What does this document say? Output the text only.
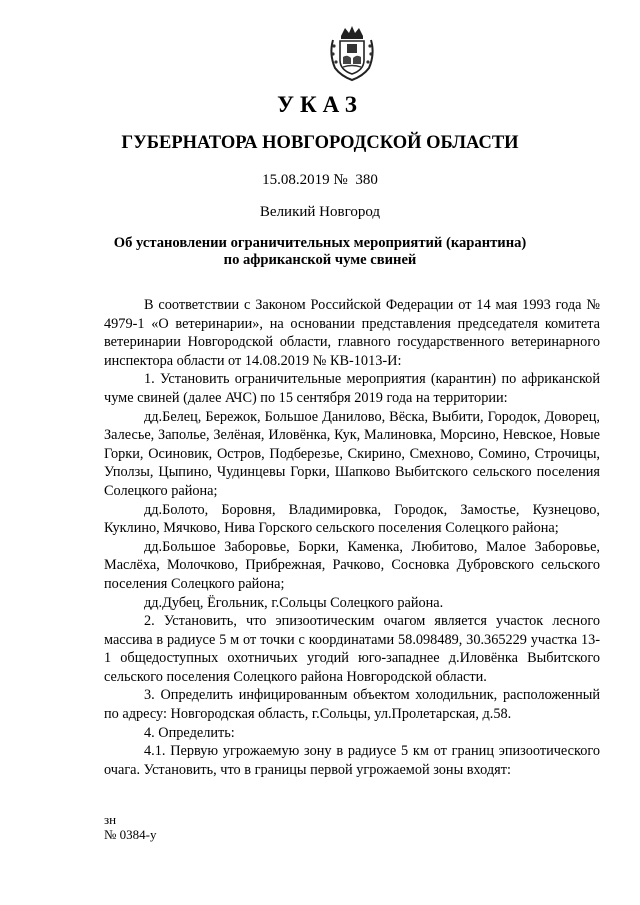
УКАЗ
ГУБЕРНАТОРА НОВГОРОДСКОЙ ОБЛАСТИ
15.08.2019 № 380
Великий Новгород
Об установлении ограничительных мероприятий (карантина)
по африканской чуме свиней

В соответствии с Законом Российской Федерации от 14 мая 1993 года № 4979-1 «О ветеринарии», на основании представления председателя комитета ветеринарии Новгородской области, главного государственного ветеринарного инспектора области от 14.08.2019 № КВ-1013-И:

1. Установить ограничительные мероприятия (карантин) по африканской чуме свиней (далее АЧС) по 15 сентября 2019 года на территории:

дд.Белец, Бережок, Большое Данилово, Вёска, Выбити, Городок, Доворец, Залесье, Заполье, Зелёная, Иловёнка, Кук, Малиновка, Морсино, Невское, Новые Горки, Осиновик, Остров, Подберезье, Скирино, Смехново, Сомино, Строчицы, Уползы, Цыпино, Чудинцевы Горки, Шапково Выбитского сельского поселения Солецкого района;

дд.Болото, Боровня, Владимировка, Городок, Замостье, Кузнецово, Куклино, Мячково, Нива Горского сельского поселения Солецкого района;

дд.Большое Заборовье, Борки, Каменка, Любитово, Малое Заборовье, Маслёха, Молочково, Прибрежная, Рачково, Сосновка Дубровского сельского поселения Солецкого района;

дд.Дубец, Ёгольник, г.Сольцы Солецкого района.

2. Установить, что эпизоотическим очагом является участок лесного массива в радиусе 5 м от точки с координатами 58.098489, 30.365229 участка 13-1 общедоступных охотничьих угодий юго-западнее д.Иловёнка Выбитского сельского поселения Солецкого района Новгородской области.

3. Определить инфицированным объектом холодильник, расположенный по адресу: Новгородская область, г.Сольцы, ул.Пролетарская, д.58.

4. Определить:

4.1. Первую угрожаемую зону в радиусе 5 км от границ эпизоотического очага. Установить, что в границы первой угрожаемой зоны входят:

зн
№ 0384-у
